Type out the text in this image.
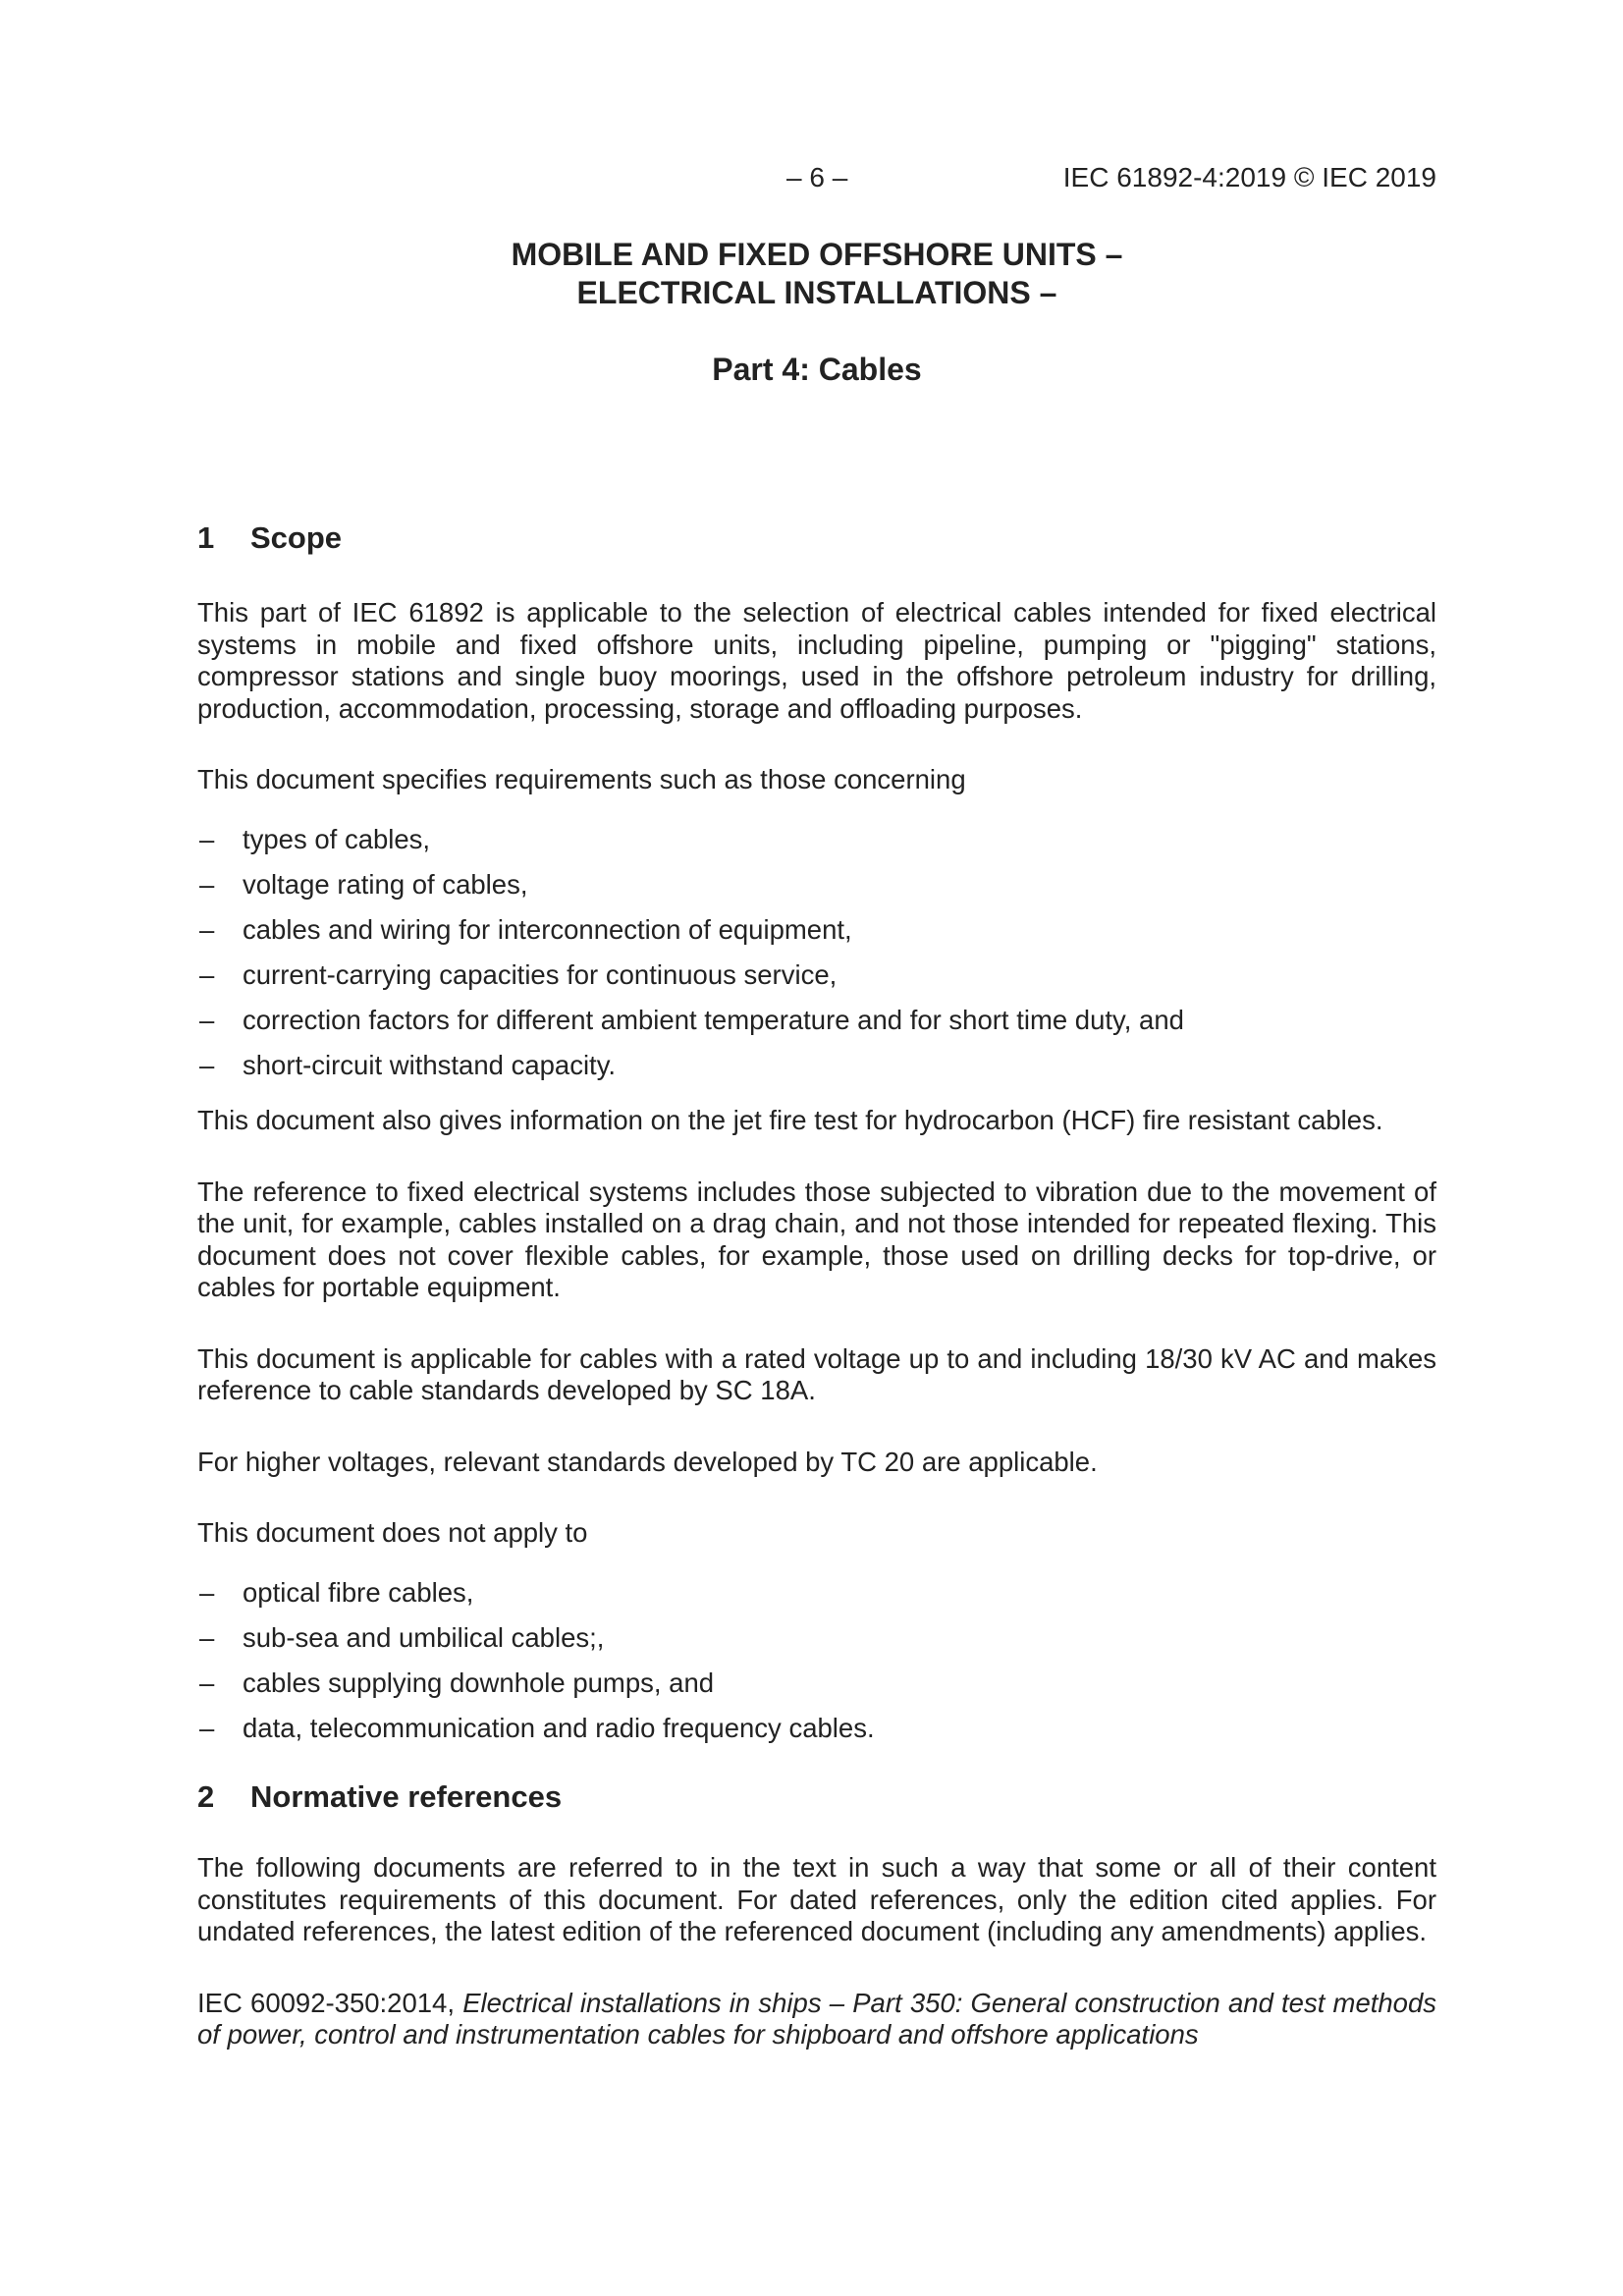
– 6 –	IEC 61892-4:2019 © IEC 2019
MOBILE AND FIXED OFFSHORE UNITS –
ELECTRICAL INSTALLATIONS –
Part 4: Cables
1 Scope

This part of IEC 61892 is applicable to the selection of electrical cables intended for fixed electrical systems in mobile and fixed offshore units, including pipeline, pumping or "pigging" stations, compressor stations and single buoy moorings, used in the offshore petroleum industry for drilling, production, accommodation, processing, storage and offloading purposes.

This document specifies requirements such as those concerning

– types of cables,
– voltage rating of cables,
– cables and wiring for interconnection of equipment,
– current-carrying capacities for continuous service,
– correction factors for different ambient temperature and for short time duty, and
– short-circuit withstand capacity.

This document also gives information on the jet fire test for hydrocarbon (HCF) fire resistant cables.

The reference to fixed electrical systems includes those subjected to vibration due to the movement of the unit, for example, cables installed on a drag chain, and not those intended for repeated flexing. This document does not cover flexible cables, for example, those used on drilling decks for top-drive, or cables for portable equipment.

This document is applicable for cables with a rated voltage up to and including 18/30 kV AC and makes reference to cable standards developed by SC 18A.

For higher voltages, relevant standards developed by TC 20 are applicable.

This document does not apply to

– optical fibre cables,
– sub-sea and umbilical cables;,
– cables supplying downhole pumps, and
– data, telecommunication and radio frequency cables.
2 Normative references

The following documents are referred to in the text in such a way that some or all of their content constitutes requirements of this document. For dated references, only the edition cited applies. For undated references, the latest edition of the referenced document (including any amendments) applies.

IEC 60092-350:2014, Electrical installations in ships – Part 350: General construction and test methods of power, control and instrumentation cables for shipboard and offshore applications
